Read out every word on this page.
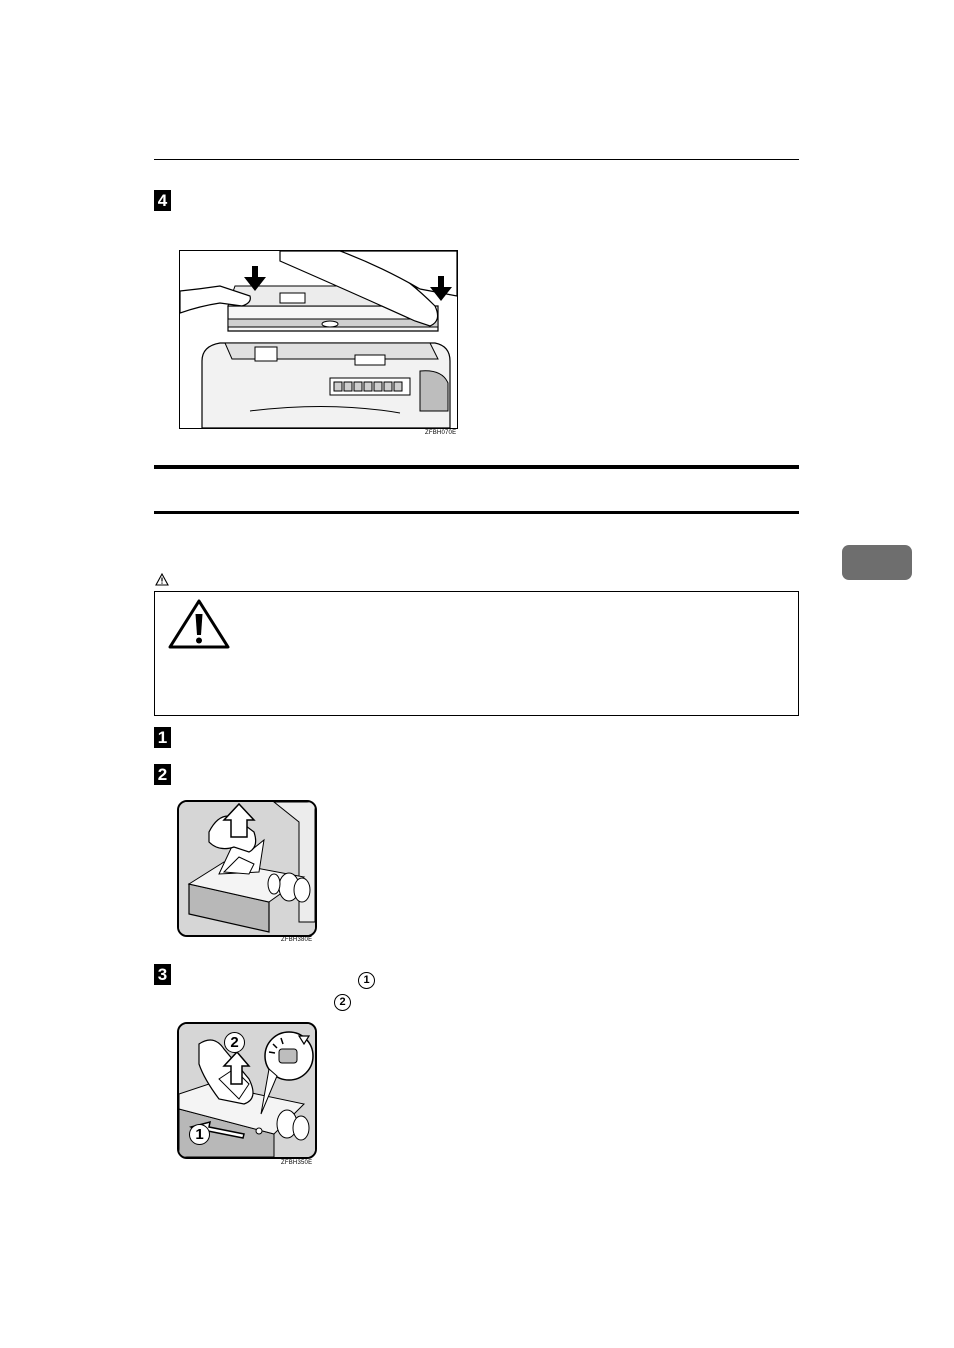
4
ZFBH070E
1
2
ZFBH380E
3	1
2
2
1
ZFBH350E
